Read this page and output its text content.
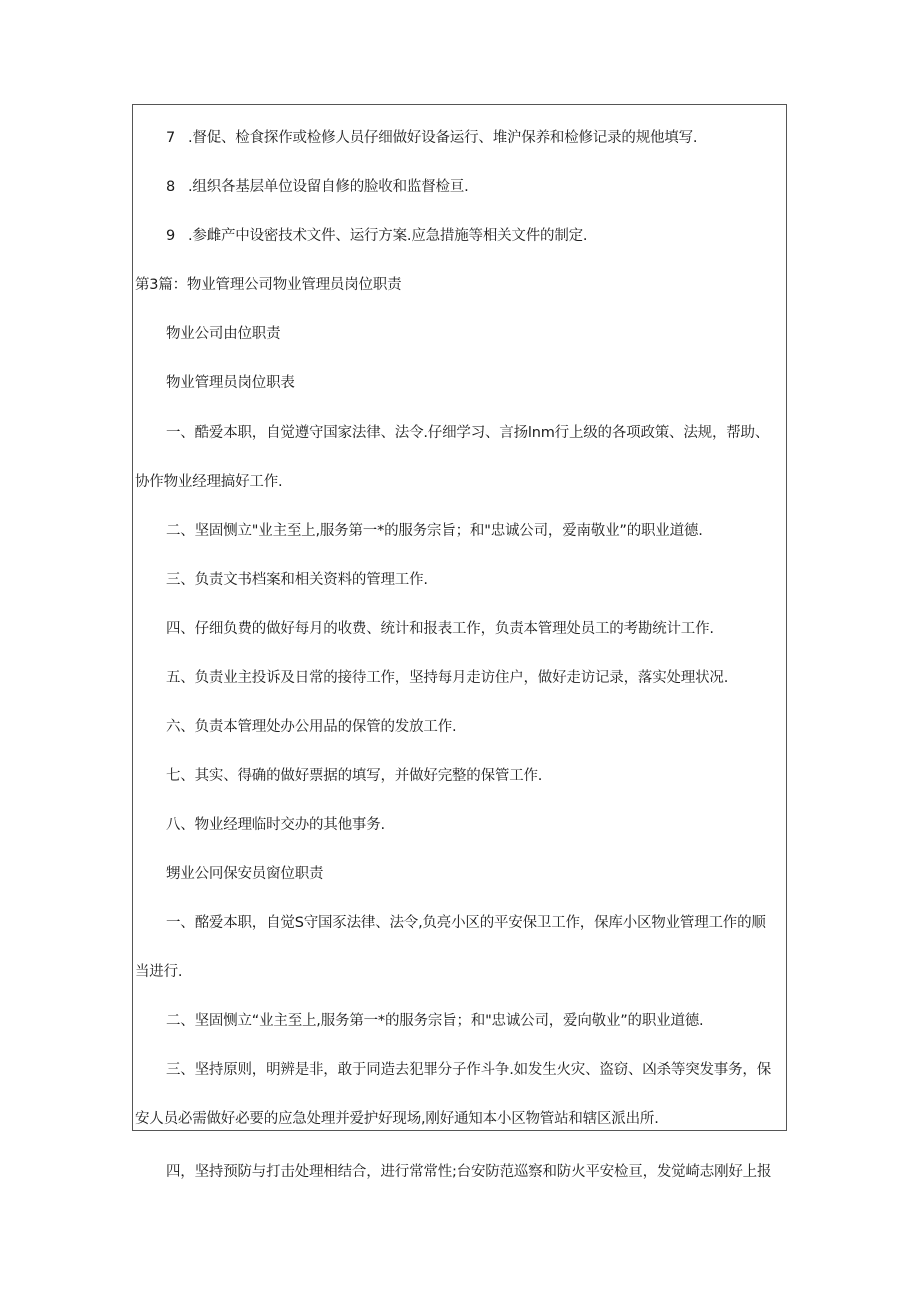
7 .督促、检食探作或检修人员仔细做好设备运行、堆沪保养和检修记录的规他填写.
8 .组织各基层单位设留自修的脸收和监督检亘.
9 .参雌产中设密技术文件、运行方案.应急措施等相关文件的制定.
第3篇：物业管理公司物业管理员岗位职责
物业公司由位职责
物业管理员岗位职表
一、酷爱本职，自觉遵守国家法律、法令.仔细学习、言扬lnm行上级的各项政策、法规，帮助、
协作物业经理搞好工作.
二、坚固恻立"业主至上,服务第一*的服务宗旨；和"忠诚公司，爱南敬业”的职业道德.
三、负责文书档案和相关资料的管理工作.
四、仔细负费的做好每月的收费、统计和报表工作，负责本管理处员工的考勘统计工作.
五、负责业主投诉及日常的接待工作，坚持每月走访住户，做好走访记录，落实处理状况.
六、负责本管理处办公用品的保管的发放工作.
七、其实、得确的做好票据的填写，并做好完整的保管工作.
八、物业经理临时交办的其他事务.
甥业公冋保安员窗位职责
一、酩爱本职，自觉S守国豕法律、法令,负亮小区的平安保卫工作，保库小区物业管理工作的顺
当进行.
二、坚固恻立“业主至上,服务第一*的服务宗旨；和"忠诚公司，爱向敬业”的职业道德.
三、坚持原则，明辨是非，敢于同造去犯罪分子作斗争.如发生火灾、盗窃、凶杀等突发事务，保
安人员必需做好必要的应急处理并爱护好现场,刚好通知本小区物管站和辖区派出所.
四，坚持预防与打击处理相结合，进行常常性;台安防范巡察和防火平安检亘，发觉崎志刚好上报
